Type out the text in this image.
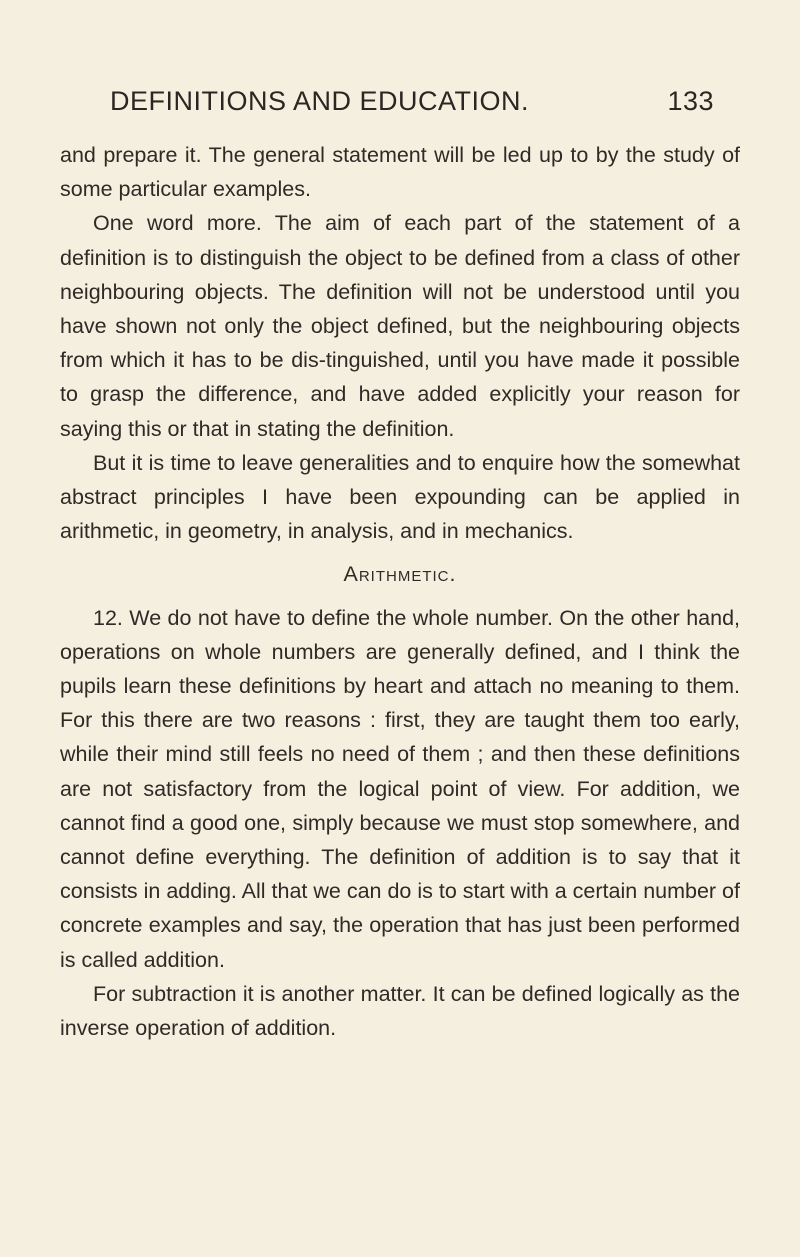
DEFINITIONS AND EDUCATION.	133

and prepare it. The general statement will be led up to by the study of some particular examples.

One word more. The aim of each part of the statement of a definition is to distinguish the object to be defined from a class of other neighbouring objects. The definition will not be understood until you have shown not only the object defined, but the neighbouring objects from which it has to be dis-tinguished, until you have made it possible to grasp the difference, and have added explicitly your reason for saying this or that in stating the definition.

But it is time to leave generalities and to enquire how the somewhat abstract principles I have been expounding can be applied in arithmetic, in geometry, in analysis, and in mechanics.

Arithmetic.

12. We do not have to define the whole number. On the other hand, operations on whole numbers are generally defined, and I think the pupils learn these definitions by heart and attach no meaning to them. For this there are two reasons : first, they are taught them too early, while their mind still feels no need of them ; and then these definitions are not satisfactory from the logical point of view. For addition, we cannot find a good one, simply because we must stop somewhere, and cannot define everything. The definition of addition is to say that it consists in adding. All that we can do is to start with a certain number of concrete examples and say, the operation that has just been performed is called addition.

For subtraction it is another matter. It can be defined logically as the inverse operation of addition.
